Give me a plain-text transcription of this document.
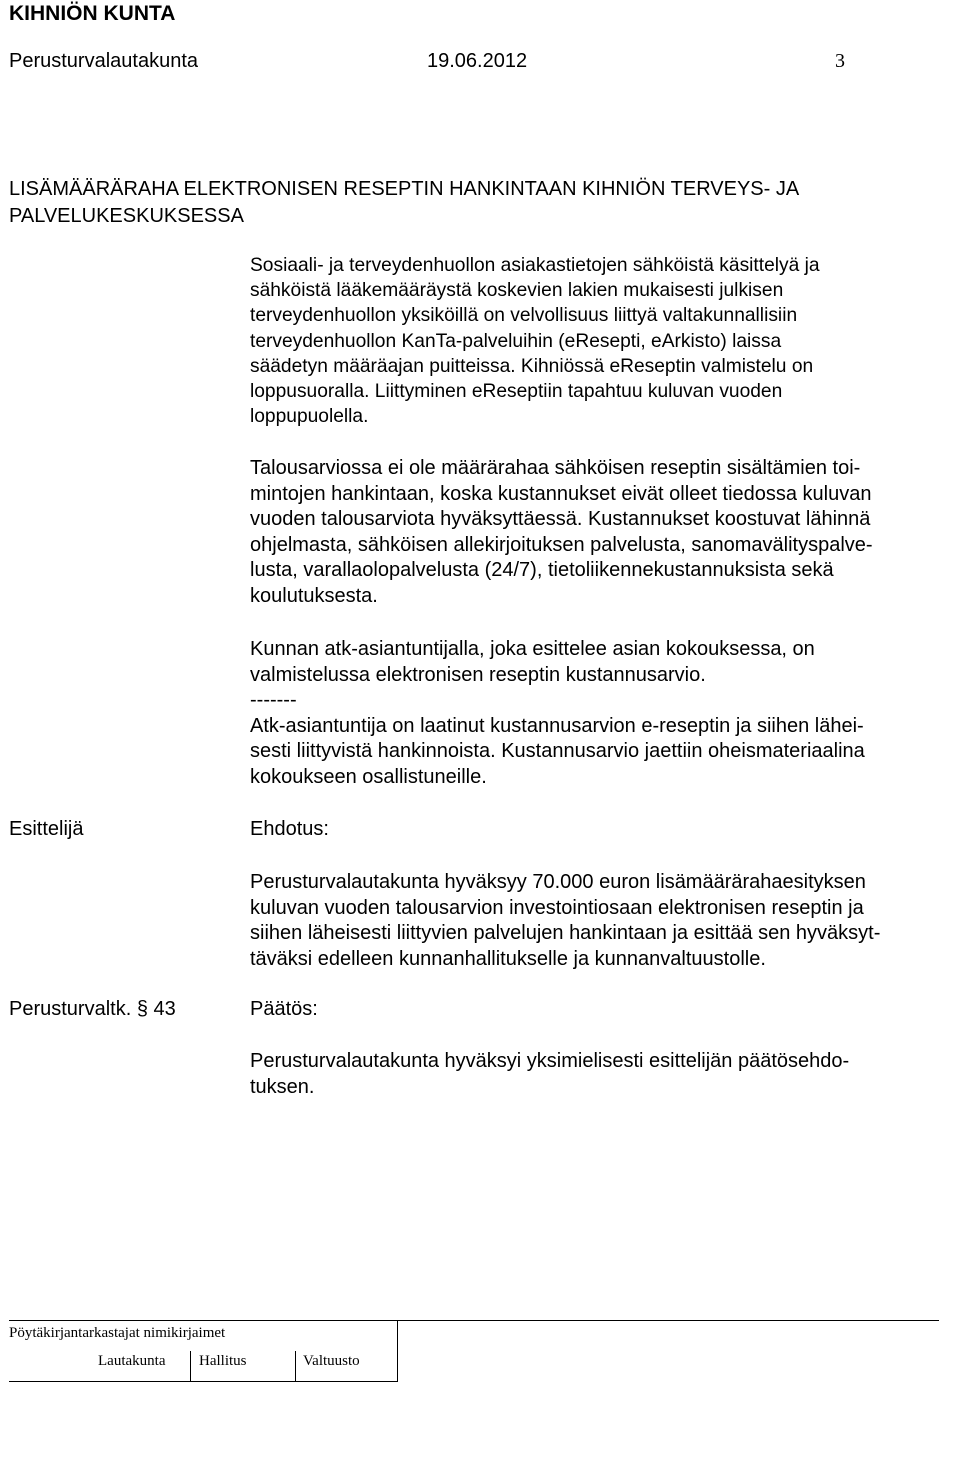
KIHNIÖN KUNTA
Perusturvalautakunta	19.06.2012	3
LISÄMÄÄRÄRAHA ELEKTRONISEN RESEPTIN HANKINTAAN KIHNIÖN TERVEYS- JA
PALVELUKESKUKSESSA
Sosiaali- ja terveydenhuollon asiakastietojen sähköistä käsittelyä ja
sähköistä lääkemääräystä koskevien lakien mukaisesti julkisen
terveydenhuollon yksiköillä on velvollisuus liittyä valtakunnallisiin
terveydenhuollon KanTa-palveluihin (eResepti, eArkisto) laissa
säädetyn määräajan puitteissa. Kihniössä eReseptin valmistelu on
loppusuoralla. Liittyminen eReseptiin tapahtuu kuluvan vuoden
loppupuolella.
Talousarviossa ei ole määrärahaa sähköisen reseptin sisältämien toi-
mintojen hankintaan, koska kustannukset eivät olleet tiedossa kuluvan
vuoden talousarviota hyväksyttäessä. Kustannukset koostuvat lähinnä
ohjelmasta, sähköisen allekirjoituksen palvelusta, sanomavälityspalve-
lusta, varallaolopalvelusta (24/7), tietoliikennekustannuksista sekä
koulutuksesta.
Kunnan atk-asiantuntijalla, joka esittelee asian kokouksessa, on
valmistelussa elektronisen reseptin kustannusarvio.
-------
Atk-asiantuntija on laatinut kustannusarvion e-reseptin ja siihen lähei-
sesti liittyvistä hankinnoista. Kustannusarvio jaettiin oheismateriaalina
kokoukseen osallistuneille.
Esittelijä	Ehdotus:
Perusturvalautakunta hyväksyy 70.000 euron lisämäärärahaesityksen
kuluvan vuoden talousarvion investointiosaan elektronisen reseptin ja
siihen läheisesti liittyvien palvelujen hankintaan ja esittää sen hyväksyt-
täväksi edelleen kunnanhallitukselle ja kunnanvaltuustolle.
Perusturvaltk. § 43	Päätös:
Perusturvalautakunta hyväksyi yksimielisesti esittelijän päätösehdo-
tuksen.
Pöytäkirjantarkastajat nimikirjaimet
Lautakunta Hallitus	Valtuusto
